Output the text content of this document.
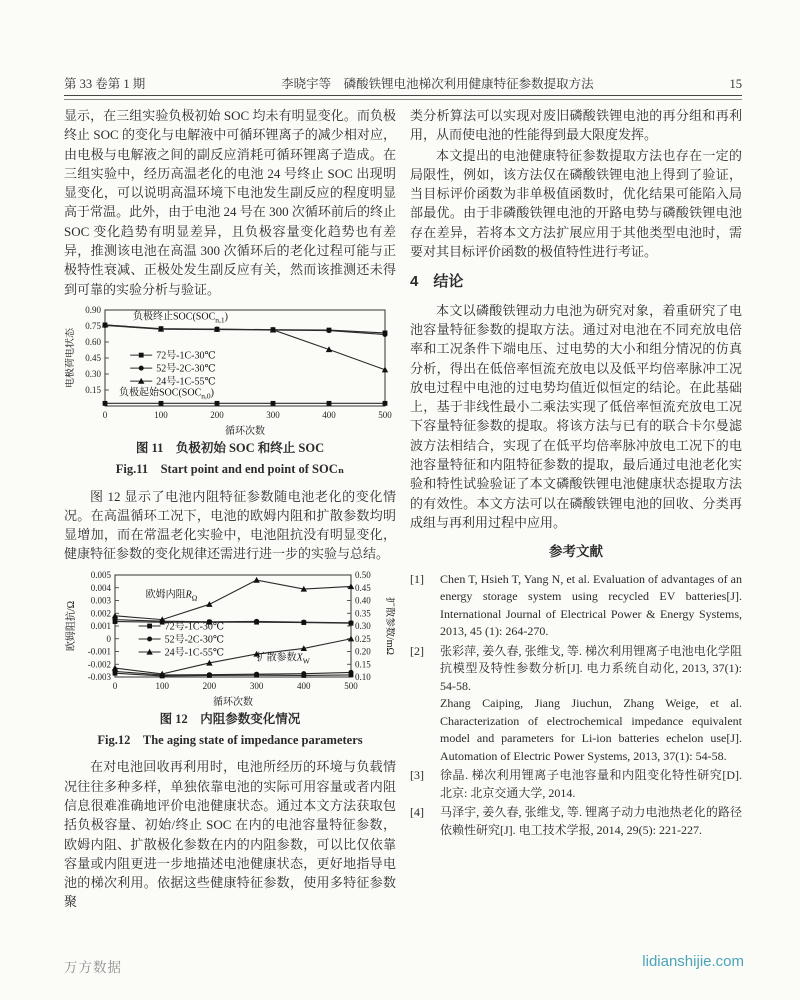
第 33 卷第 1 期	李晓宇等　磷酸铁锂电池梯次利用健康特征参数提取方法	15

显示，在三组实验负极初始 SOC 均未有明显变化。而负极终止 SOC 的变化与电解液中可循环锂离子的减少相对应，由电极与电解液之间的副反应消耗可循环锂离子造成。在三组实验中，经历高温老化的电池 24 号终止 SOC 出现明显变化，可以说明高温环境下电池发生副反应的程度明显高于常温。此外，由于电池 24 号在 300 次循环前后的终止 SOC 变化趋势有明显差异，且负极容量变化趋势也有差异，推测该电池在高温 300 次循环后的老化过程可能与正极特性衰减、正极处发生副反应有关，然而该推测还未得到可靠的实验分析与验证。

0	100	200	300	400	500
0.15
0.30
0.45
0.60
0.75
0.90
72号-1C-30℃
52号-2C-30℃
24号-1C-55℃
负极终止$SOC(SOC_{n,1})$
负极起始$SOC(SOC_{n,0})$
循环次数
电极荷电状态
图 11　负极初始 SOC 和终止 SOC
Fig.11　Start point and end point of SOCₙ

图 12 显示了电池内阻特征参数随电池老化的变化情况。在高温循环工况下，电池的欧姆内阻和扩散参数均明显增加，而在常温老化实验中，电池阻抗没有明显变化，健康特征参数的变化规律还需进行进一步的实验与总结。

0	100	200	300	400	500
0.005
0.004
0.003
0.002
0.001
0
-0.001
-0.002
-0.003
0.50
0.45
0.40
0.35
0.30
0.25
0.20
0.15
0.10
72号-1C-30℃
52号-2C-30℃
24号-1C-55℃
欧姆内阻$R_\Omega$
扩散参数$X_W$
循环次数
欧姆阻抗/Ω	扩散参数/mΩ
图 12　内阻参数变化情况
Fig.12　The aging state of impedance parameters

在对电池回收再利用时，电池所经历的环境与负载情况往往多种多样，单独依靠电池的实际可用容量或者内阻信息很难准确地评价电池健康状态。通过本文方法获取包括负极容量、初始/终止 SOC 在内的电池容量特征参数，欧姆内阻、扩散极化参数在内的内阻参数，可以比仅依靠容量或内阻更进一步地描述电池健康状态，更好地指导电池的梯次利用。依据这些健康特征参数，使用多特征参数聚

类分析算法可以实现对废旧磷酸铁锂电池的再分组和再利用，从而使电池的性能得到最大限度发挥。

本文提出的电池健康特征参数提取方法也存在一定的局限性，例如，该方法仅在磷酸铁锂电池上得到了验证，当目标评价函数为非单极值函数时，优化结果可能陷入局部最优。由于非磷酸铁锂电池的开路电势与磷酸铁锂电池存在差异，若将本文方法扩展应用于其他类型电池时，需要对其目标评价函数的极值特性进行考证。

4　结论

本文以磷酸铁锂动力电池为研究对象，着重研究了电池容量特征参数的提取方法。通过对电池在不同充放电倍率和工况条件下端电压、过电势的大小和组分情况的仿真分析，得出在低倍率恒流充放电以及低平均倍率脉冲工况放电过程中电池的过电势均值近似恒定的结论。在此基础上，基于非线性最小二乘法实现了低倍率恒流充放电工况下容量特征参数的提取。将该方法与已有的联合卡尔曼滤波方法相结合，实现了在低平均倍率脉冲放电工况下的电池容量特征和内阻特征参数的提取，最后通过电池老化实验和特性试验验证了本文磷酸铁锂电池健康状态提取方法的有效性。本文方法可以在磷酸铁锂电池的回收、分类再成组与再利用过程中应用。

参考文献
[1]	Chen T, Hsieh T, Yang N, et al. Evaluation of advantages of an energy storage system using recycled EV batteries[J]. International Journal of Electrical Power & Energy Systems, 2013, 45 (1): 264-270.
[2]	张彩萍, 姜久春, 张维戈, 等. 梯次利用锂离子电池电化学阻抗模型及特性参数分析[J]. 电力系统自动化, 2013, 37(1): 54-58.
Zhang Caiping, Jiang Jiuchun, Zhang Weige, et al. Characterization of electrochemical impedance equivalent model and parameters for Li-ion batteries echelon use[J]. Automation of Electric Power Systems, 2013, 37(1): 54-58.
[3]	徐晶. 梯次利用锂离子电池容量和内阻变化特性研究[D]. 北京: 北京交通大学, 2014.
[4]	马泽宇, 姜久春, 张维戈, 等. 锂离子动力电池热老化的路径依赖性研究[J]. 电工技术学报, 2014, 29(5): 221-227.
万方数据	lidianshijie.com
